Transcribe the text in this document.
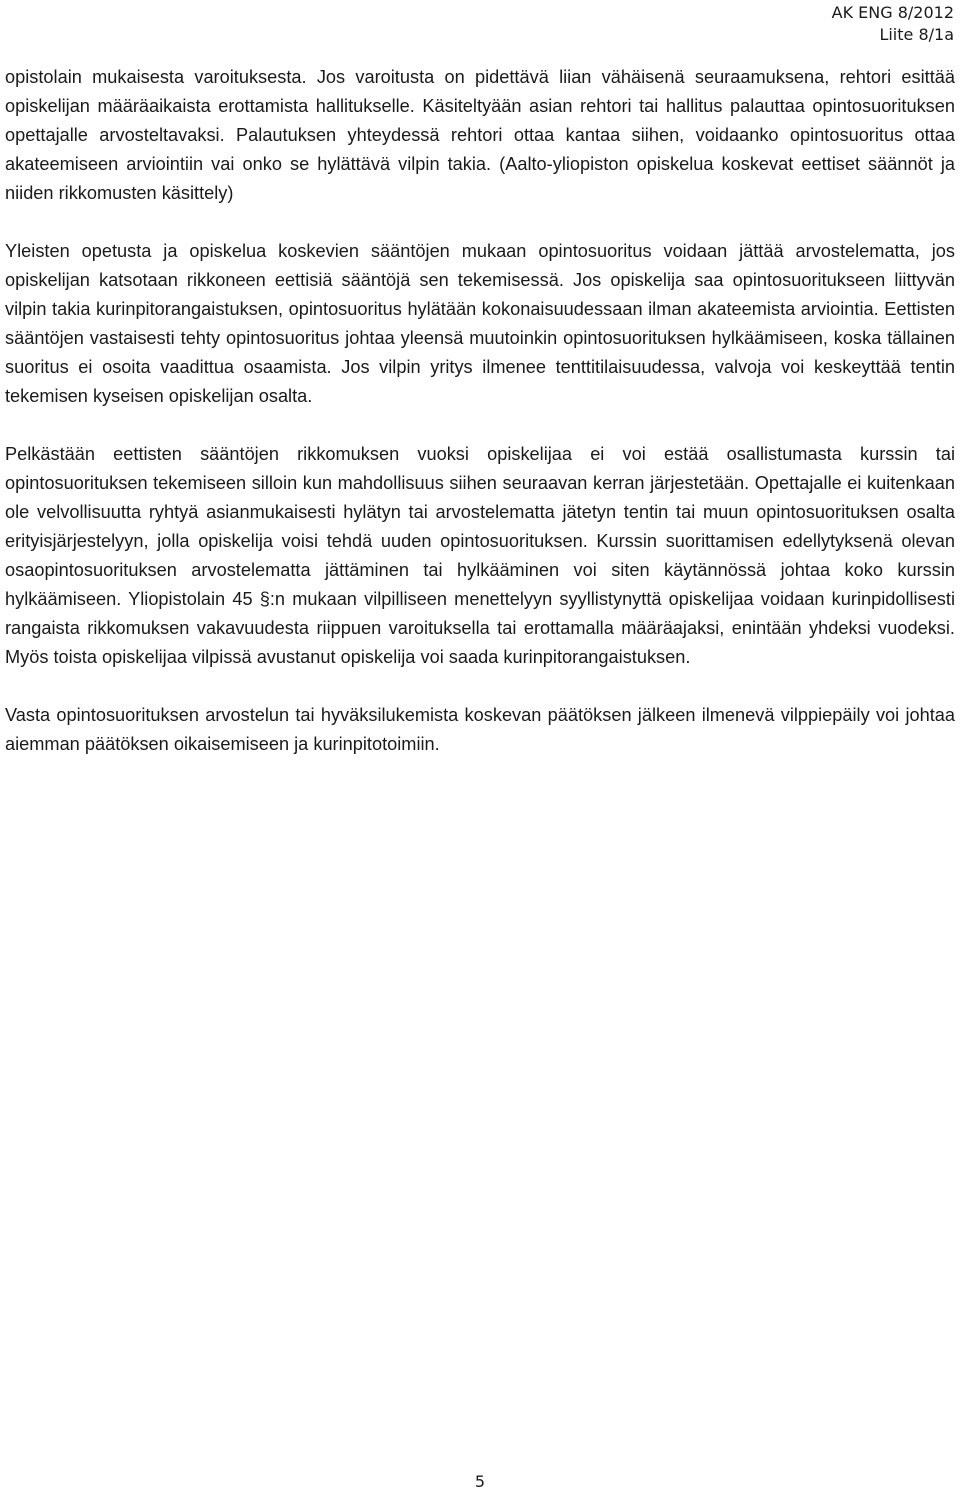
AK ENG 8/2012
Liite 8/1a

opistolain mukaisesta varoituksesta. Jos varoitusta on pidettävä liian vähäisenä seuraamuksena, rehtori esittää opiskelijan määräaikaista erottamista hallitukselle. Käsiteltyään asian rehtori tai hallitus palauttaa opintosuorituksen opettajalle arvosteltavaksi. Palautuksen yhteydessä rehtori ottaa kantaa siihen, voidaanko opintosuoritus ottaa akateemiseen arviointiin vai onko se hylättävä vilpin takia. (Aalto-yliopiston opiskelua koskevat eettiset säännöt ja niiden rikkomusten käsittely)

Yleisten opetusta ja opiskelua koskevien sääntöjen mukaan opintosuoritus voidaan jättää arvostelematta, jos opiskelijan katsotaan rikkoneen eettisiä sääntöjä sen tekemisessä. Jos opiskelija saa opintosuoritukseen liittyvän vilpin takia kurinpitorangaistuksen, opintosuoritus hylätään kokonaisuudessaan ilman akateemista arviointia. Eettisten sääntöjen vastaisesti tehty opintosuoritus johtaa yleensä muutoinkin opintosuorituksen hylkäämiseen, koska tällainen suoritus ei osoita vaadittua osaamista. Jos vilpin yritys ilmenee tenttitilaisuudessa, valvoja voi keskeyttää tentin tekemisen kyseisen opiskelijan osalta.

Pelkästään eettisten sääntöjen rikkomuksen vuoksi opiskelijaa ei voi estää osallistumasta kurssin tai opintosuorituksen tekemiseen silloin kun mahdollisuus siihen seuraavan kerran järjestetään. Opettajalle ei kuitenkaan ole velvollisuutta ryhtyä asianmukaisesti hylätyn tai arvostelematta jätetyn tentin tai muun opintosuorituksen osalta erityisjärjestelyyn, jolla opiskelija voisi tehdä uuden opintosuorituksen. Kurssin suorittamisen edellytyksenä olevan osaopintosuorituksen arvostelematta jättäminen tai hylkääminen voi siten käytännössä johtaa koko kurssin hylkäämiseen. Yliopistolain 45 §:n mukaan vilpilliseen menettelyyn syyllistynyttä opiskelijaa voidaan kurinpidollisesti rangaista rikkomuksen vakavuudesta riippuen varoituksella tai erottamalla määräajaksi, enintään yhdeksi vuodeksi. Myös toista opiskelijaa vilpissä avustanut opiskelija voi saada kurinpitorangaistuksen.

Vasta opintosuorituksen arvostelun tai hyväksilukemista koskevan päätöksen jälkeen ilmenevä vilppiepäily voi johtaa aiemman päätöksen oikaisemiseen ja kurinpitotoimiin.

5
